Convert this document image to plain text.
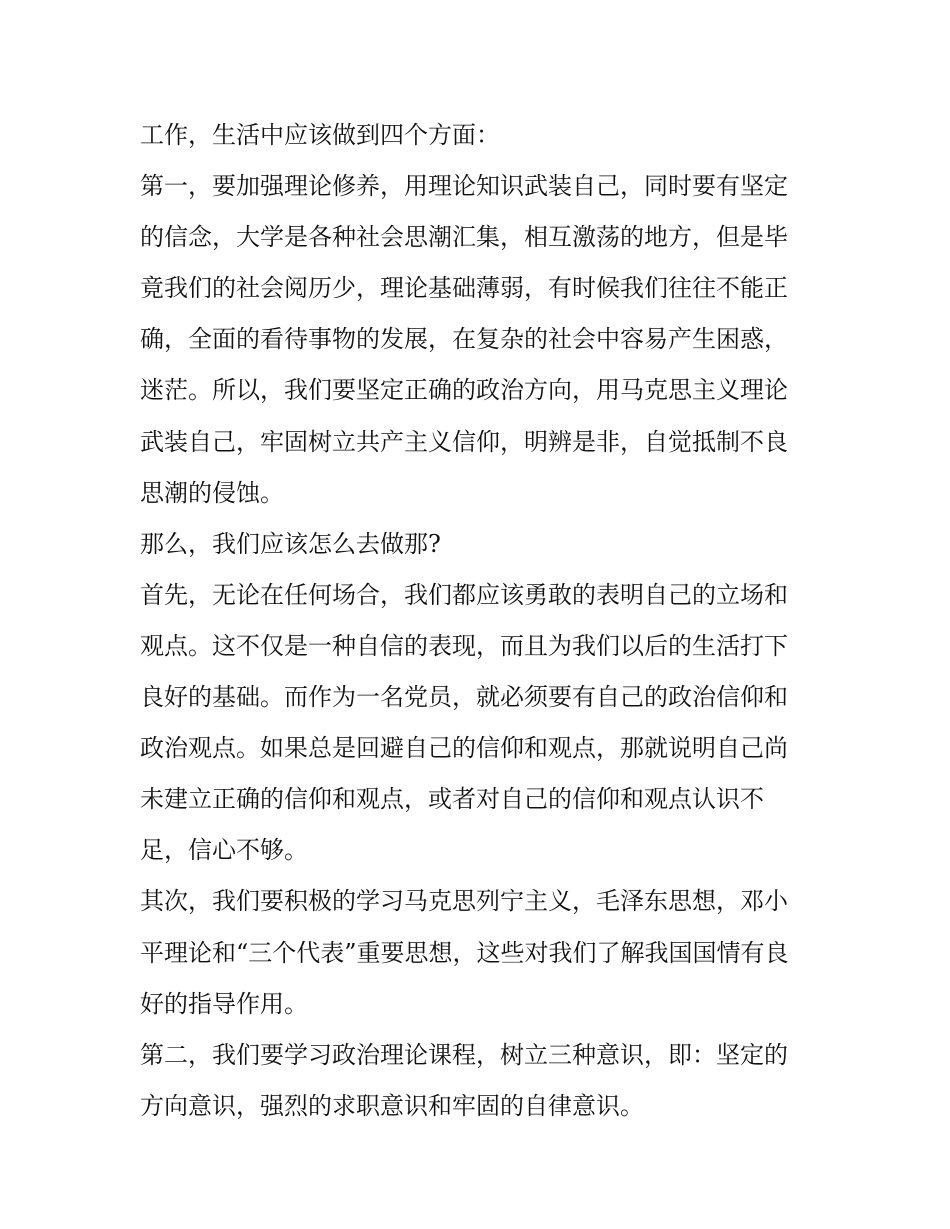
工作，生活中应该做到四个方面：

第一，要加强理论修养，用理论知识武装自己，同时要有坚定

的信念，大学是各种社会思潮汇集，相互激荡的地方，但是毕

竟我们的社会阅历少，理论基础薄弱，有时候我们往往不能正

确，全面的看待事物的发展，在复杂的社会中容易产生困惑，

迷茫。所以，我们要坚定正确的政治方向，用马克思主义理论

武装自己，牢固树立共产主义信仰，明辨是非，自觉抵制不良

思潮的侵蚀。

那么，我们应该怎么去做那?

首先，无论在任何场合，我们都应该勇敢的表明自己的立场和

观点。这不仅是一种自信的表现，而且为我们以后的生活打下

良好的基础。而作为一名党员，就必须要有自己的政治信仰和

政治观点。如果总是回避自己的信仰和观点，那就说明自己尚

未建立正确的信仰和观点，或者对自己的信仰和观点认识不

足，信心不够。

其次，我们要积极的学习马克思列宁主义，毛泽东思想，邓小

平理论和“三个代表”重要思想，这些对我们了解我国国情有良

好的指导作用。

第二，我们要学习政治理论课程，树立三种意识，即：坚定的

方向意识，强烈的求职意识和牢固的自律意识。
